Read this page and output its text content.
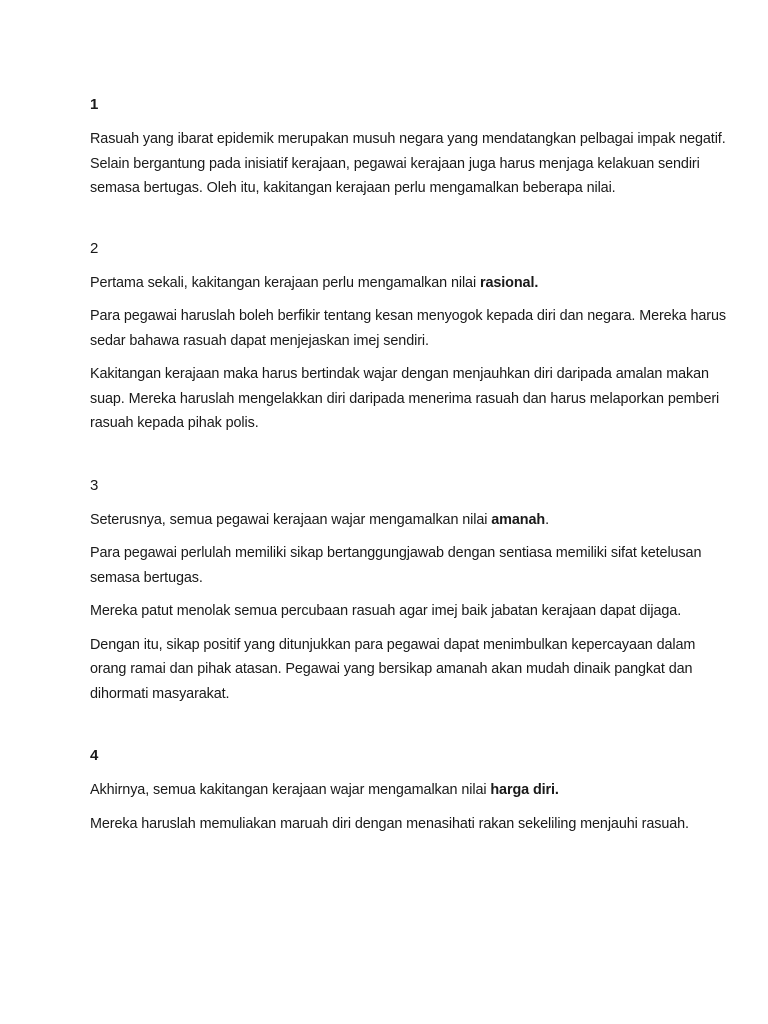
1

Rasuah yang ibarat epidemik merupakan musuh negara yang mendatangkan pelbagai impak negatif. Selain bergantung pada inisiatif kerajaan, pegawai kerajaan juga harus menjaga kelakuan sendiri semasa bertugas. Oleh itu, kakitangan kerajaan perlu mengamalkan beberapa nilai.

2

Pertama sekali, kakitangan kerajaan perlu mengamalkan nilai rasional.

Para pegawai haruslah boleh berfikir tentang kesan menyogok kepada diri dan negara. Mereka harus sedar bahawa rasuah dapat menjejaskan imej sendiri.

Kakitangan kerajaan maka harus bertindak wajar dengan menjauhkan diri daripada amalan makan suap. Mereka haruslah mengelakkan diri daripada menerima rasuah dan harus melaporkan pemberi rasuah kepada pihak polis.

3

Seterusnya, semua pegawai kerajaan wajar mengamalkan nilai amanah.

Para pegawai perlulah memiliki sikap bertanggungjawab dengan sentiasa memiliki sifat ketelusan semasa bertugas.

Mereka patut menolak semua percubaan rasuah agar imej baik jabatan kerajaan dapat dijaga.

Dengan itu, sikap positif yang ditunjukkan para pegawai dapat menimbulkan kepercayaan dalam orang ramai dan pihak atasan. Pegawai yang bersikap amanah akan mudah dinaik pangkat dan dihormati masyarakat.

4

Akhirnya, semua kakitangan kerajaan wajar mengamalkan nilai harga diri.

Mereka haruslah memuliakan maruah diri dengan menasihati rakan sekeliling menjauhi rasuah.
